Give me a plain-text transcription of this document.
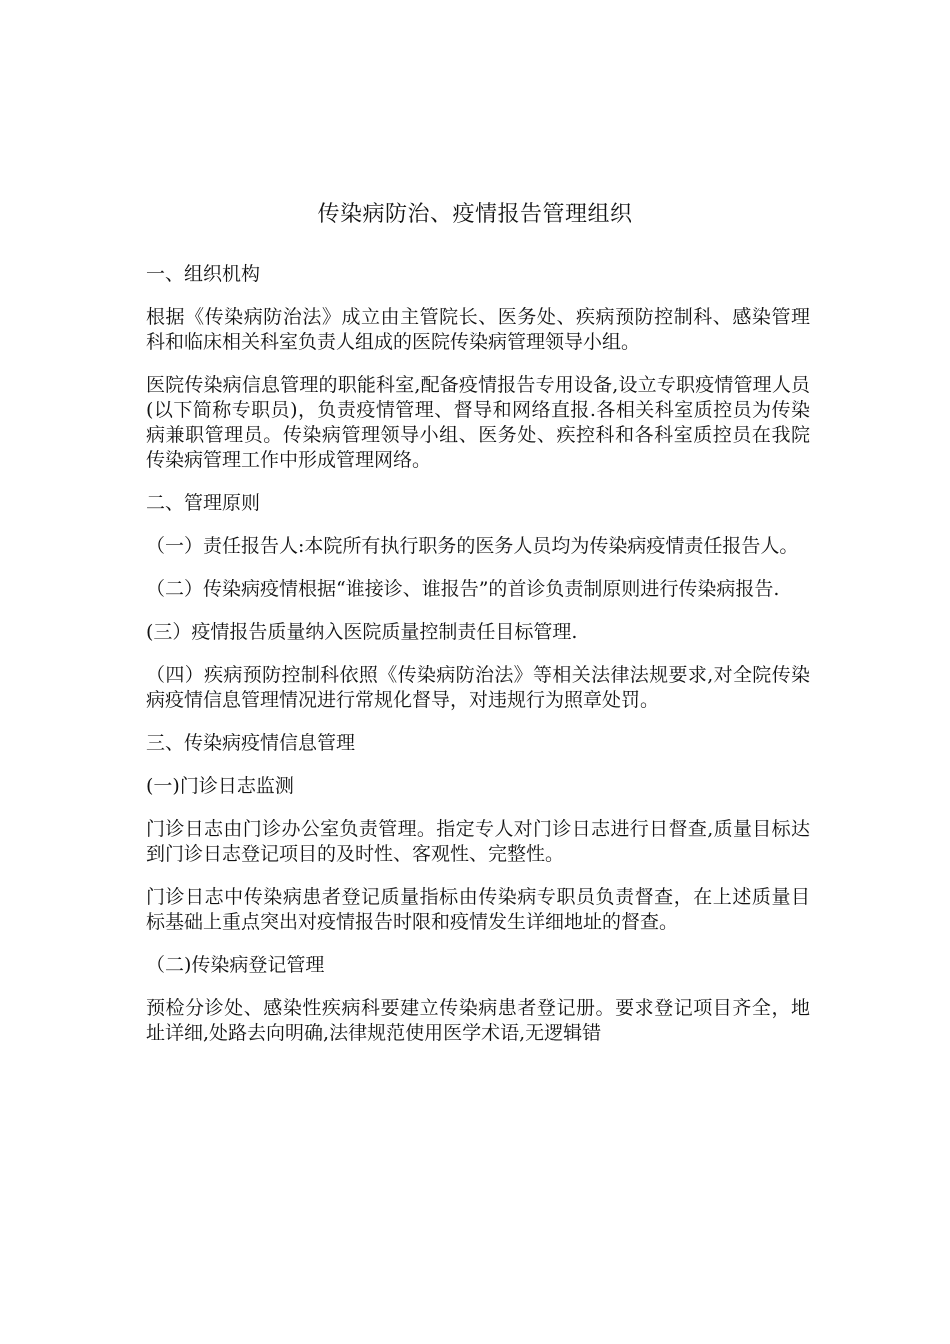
传染病防治、疫情报告管理组织

一、组织机构

根据《传染病防治法》成立由主管院长、医务处、疾病预防控制科、感染管理科和临床相关科室负责人组成的医院传染病管理领导小组。

医院传染病信息管理的职能科室,配备疫情报告专用设备,设立专职疫情管理人员(以下简称专职员)，负责疫情管理、督导和网络直报.各相关科室质控员为传染病兼职管理员。传染病管理领导小组、医务处、疾控科和各科室质控员在我院传染病管理工作中形成管理网络。

二、管理原则

（一）责任报告人:本院所有执行职务的医务人员均为传染病疫情责任报告人。

（二）传染病疫情根据“谁接诊、谁报告”的首诊负责制原则进行传染病报告.

(三）疫情报告质量纳入医院质量控制责任目标管理.

（四）疾病预防控制科依照《传染病防治法》等相关法律法规要求,对全院传染病疫情信息管理情况进行常规化督导，对违规行为照章处罚。

三、传染病疫情信息管理

(一)门诊日志监测

门诊日志由门诊办公室负责管理。指定专人对门诊日志进行日督查,质量目标达到门诊日志登记项目的及时性、客观性、完整性。

门诊日志中传染病患者登记质量指标由传染病专职员负责督查，在上述质量目标基础上重点突出对疫情报告时限和疫情发生详细地址的督查。

（二)传染病登记管理

预检分诊处、感染性疾病科要建立传染病患者登记册。要求登记项目齐全，地址详细,处路去向明确,法律规范使用医学术语,无逻辑错
